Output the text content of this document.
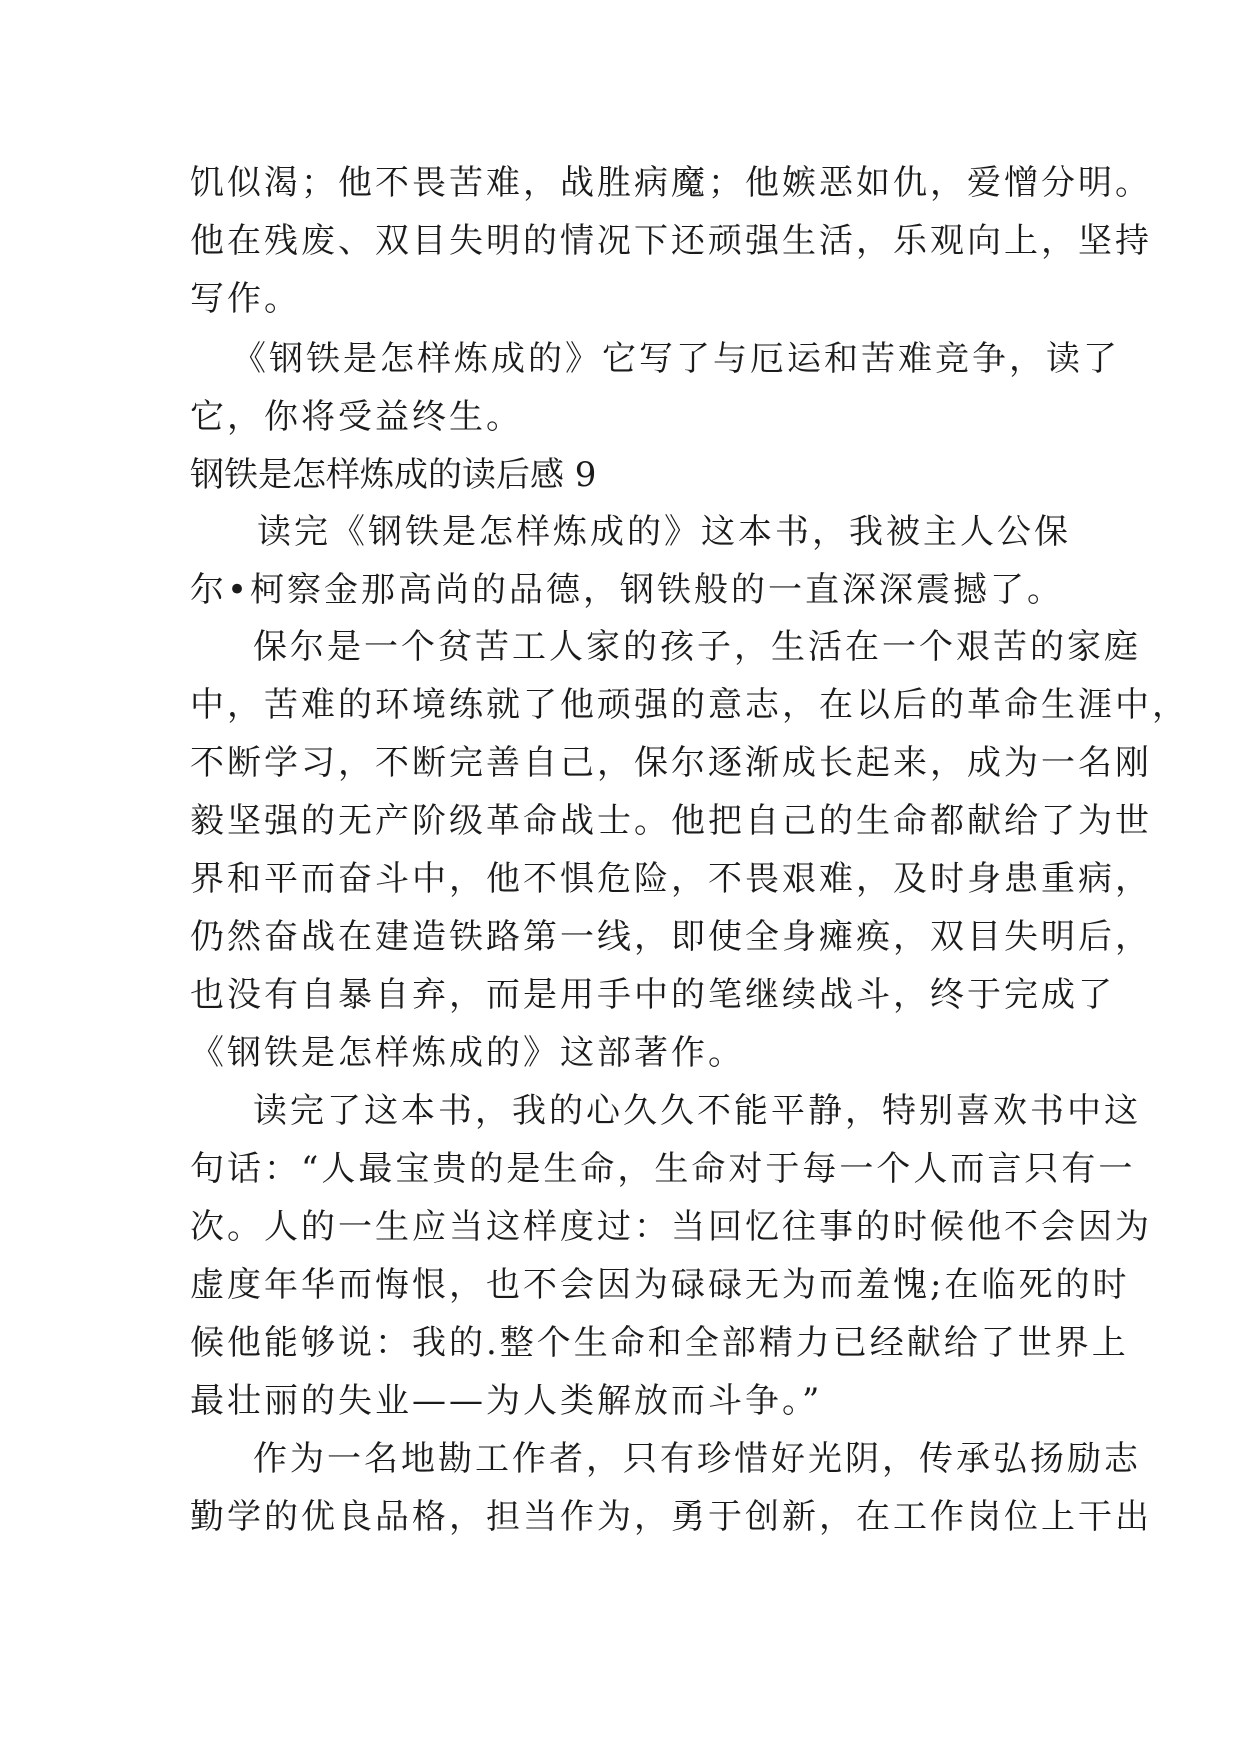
饥似渴；他不畏苦难，战胜病魔；他嫉恶如仇，爱憎分明。
他在残废、双目失明的情况下还顽强生活，乐观向上，坚持
写作。
《钢铁是怎样炼成的》它写了与厄运和苦难竞争，读了
它，你将受益终生。
钢铁是怎样炼成的读后感 9
读完《钢铁是怎样炼成的》这本书，我被主人公保
尔•柯察金那高尚的品德，钢铁般的一直深深震撼了。
保尔是一个贫苦工人家的孩子，生活在一个艰苦的家庭
中，苦难的环境练就了他顽强的意志，在以后的革命生涯中，
不断学习，不断完善自己，保尔逐渐成长起来，成为一名刚
毅坚强的无产阶级革命战士。他把自己的生命都献给了为世
界和平而奋斗中，他不惧危险，不畏艰难，及时身患重病，
仍然奋战在建造铁路第一线，即使全身瘫痪，双目失明后，
也没有自暴自弃，而是用手中的笔继续战斗，终于完成了
《钢铁是怎样炼成的》这部著作。
读完了这本书，我的心久久不能平静，特别喜欢书中这
句话：“人最宝贵的是生命，生命对于每一个人而言只有一
次。人的一生应当这样度过：当回忆往事的时候他不会因为
虚度年华而悔恨，也不会因为碌碌无为而羞愧;在临死的时
候他能够说：我的.整个生命和全部精力已经献给了世界上
最壮丽的失业——为人类解放而斗争。”
作为一名地勘工作者，只有珍惜好光阴，传承弘扬励志
勤学的优良品格，担当作为，勇于创新，在工作岗位上干出
